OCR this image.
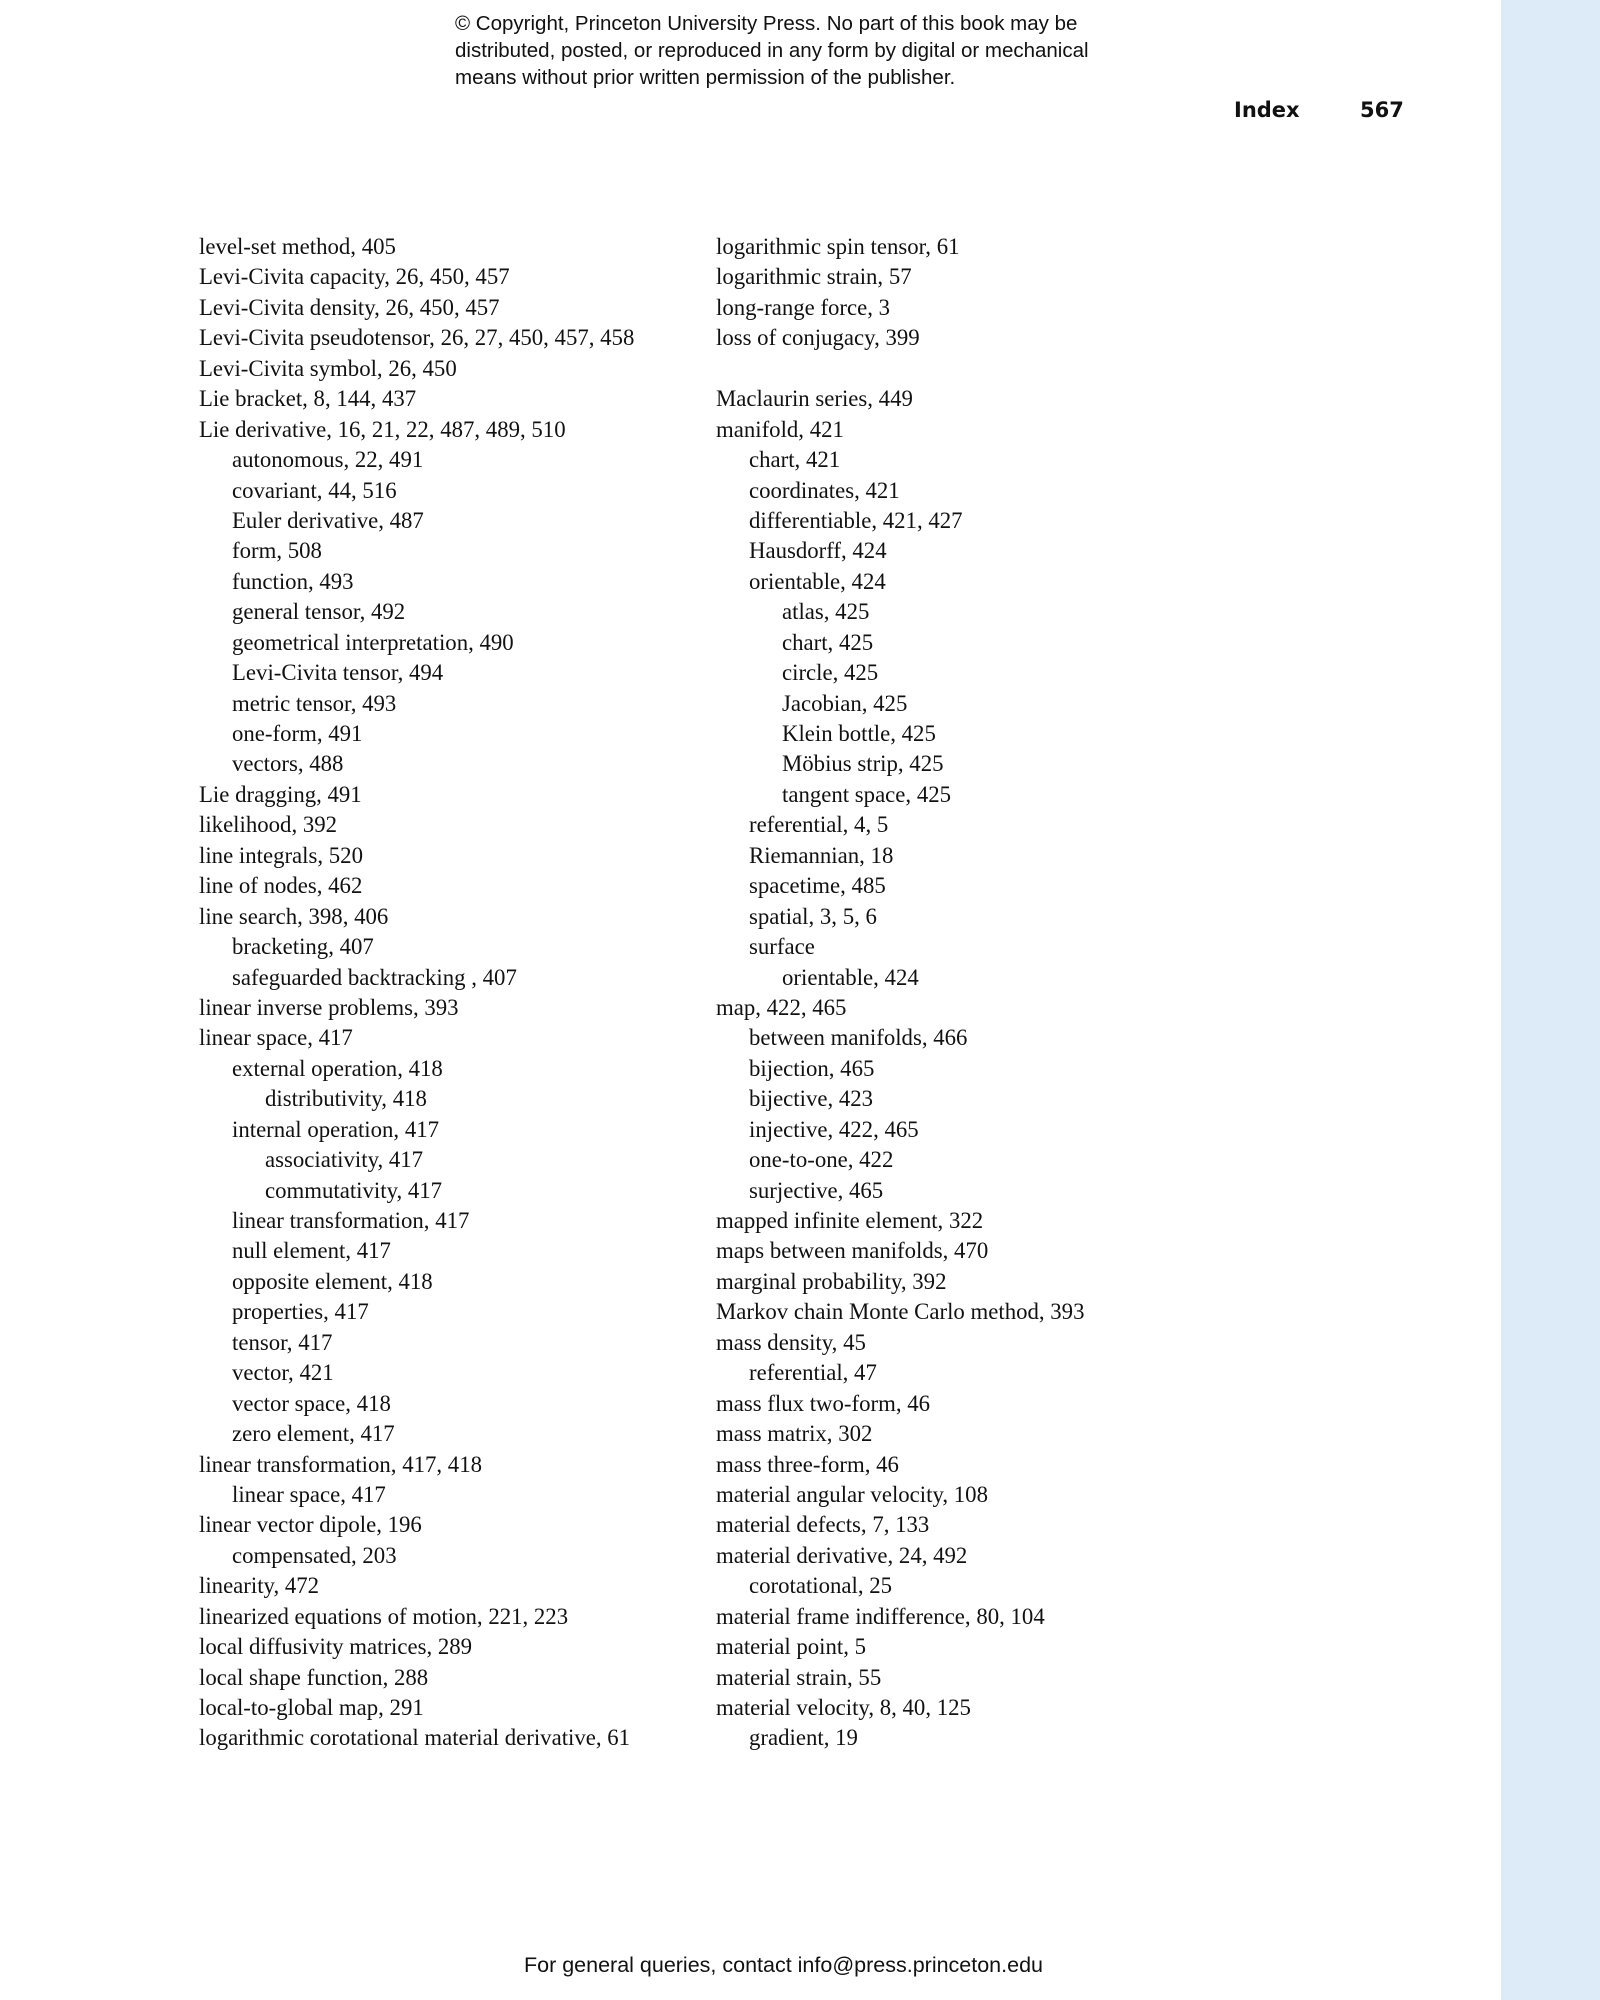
© Copyright, Princeton University Press. No part of this book may be
distributed, posted, or reproduced in any form by digital or mechanical
means without prior written permission of the publisher.
Index	567
level-set method, 405
Levi-Civita capacity, 26, 450, 457
Levi-Civita density, 26, 450, 457
Levi-Civita pseudotensor, 26, 27, 450, 457, 458
Levi-Civita symbol, 26, 450
Lie bracket, 8, 144, 437
Lie derivative, 16, 21, 22, 487, 489, 510
autonomous, 22, 491
covariant, 44, 516
Euler derivative, 487
form, 508
function, 493
general tensor, 492
geometrical interpretation, 490
Levi-Civita tensor, 494
metric tensor, 493
one-form, 491
vectors, 488
Lie dragging, 491
likelihood, 392
line integrals, 520
line of nodes, 462
line search, 398, 406
bracketing, 407
safeguarded backtracking , 407
linear inverse problems, 393
linear space, 417
external operation, 418
distributivity, 418
internal operation, 417
associativity, 417
commutativity, 417
linear transformation, 417
null element, 417
opposite element, 418
properties, 417
tensor, 417
vector, 421
vector space, 418
zero element, 417
linear transformation, 417, 418
linear space, 417
linear vector dipole, 196
compensated, 203
linearity, 472
linearized equations of motion, 221, 223
local diffusivity matrices, 289
local shape function, 288
local-to-global map, 291
logarithmic corotational material derivative, 61
logarithmic spin tensor, 61
logarithmic strain, 57
long-range force, 3
loss of conjugacy, 399
Maclaurin series, 449
manifold, 421
chart, 421
coordinates, 421
differentiable, 421, 427
Hausdorff, 424
orientable, 424
atlas, 425
chart, 425
circle, 425
Jacobian, 425
Klein bottle, 425
Möbius strip, 425
tangent space, 425
referential, 4, 5
Riemannian, 18
spacetime, 485
spatial, 3, 5, 6
surface
orientable, 424
map, 422, 465
between manifolds, 466
bijection, 465
bijective, 423
injective, 422, 465
one-to-one, 422
surjective, 465
mapped infinite element, 322
maps between manifolds, 470
marginal probability, 392
Markov chain Monte Carlo method, 393
mass density, 45
referential, 47
mass flux two-form, 46
mass matrix, 302
mass three-form, 46
material angular velocity, 108
material defects, 7, 133
material derivative, 24, 492
corotational, 25
material frame indifference, 80, 104
material point, 5
material strain, 55
material velocity, 8, 40, 125
gradient, 19
For general queries, contact info@press.princeton.edu
